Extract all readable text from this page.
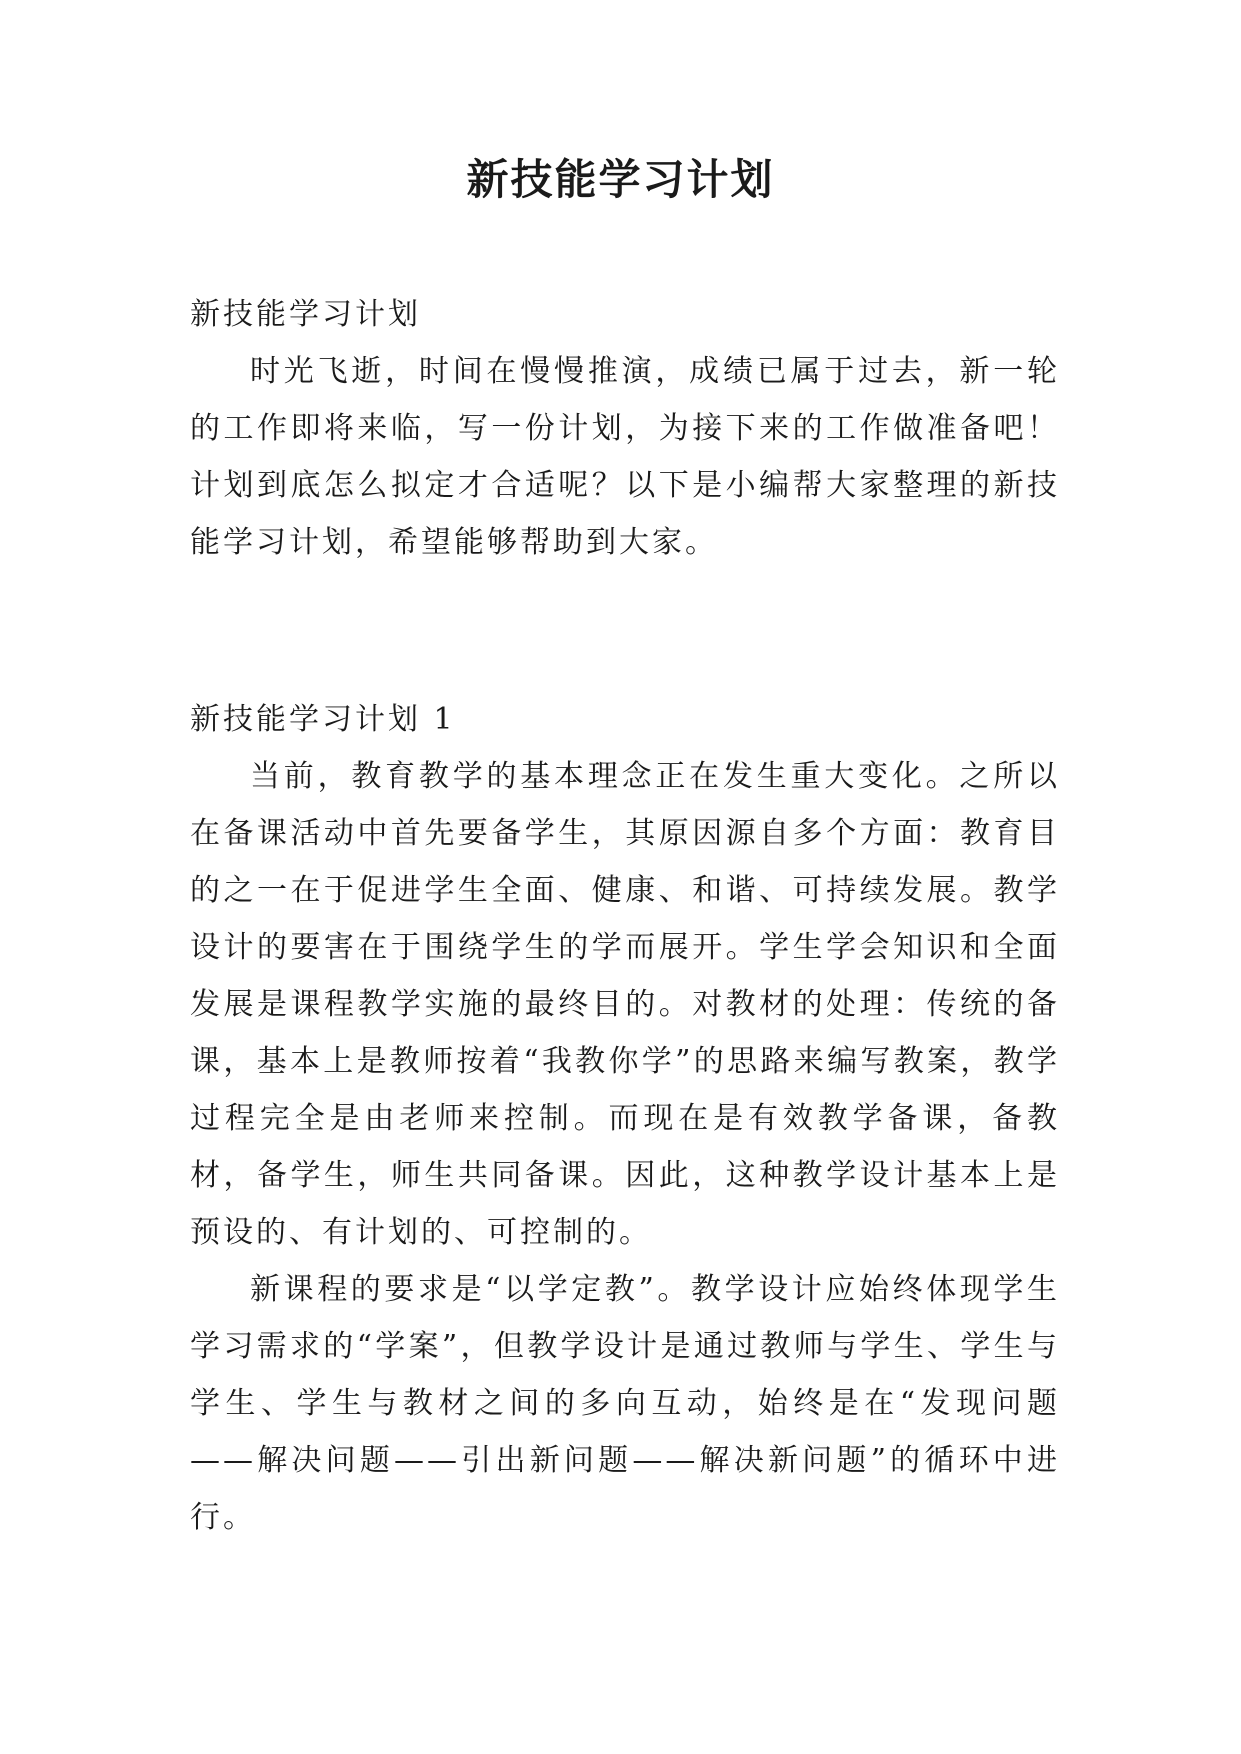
新技能学习计划

新技能学习计划

时光飞逝，时间在慢慢推演，成绩已属于过去，新一轮的工作即将来临，写一份计划，为接下来的工作做准备吧！计划到底怎么拟定才合适呢？以下是小编帮大家整理的新技能学习计划，希望能够帮助到大家。

新技能学习计划 1

当前，教育教学的基本理念正在发生重大变化。之所以在备课活动中首先要备学生，其原因源自多个方面：教育目的之一在于促进学生全面、健康、和谐、可持续发展。教学设计的要害在于围绕学生的学而展开。学生学会知识和全面发展是课程教学实施的最终目的。对教材的处理：传统的备课，基本上是教师按着“我教你学”的思路来编写教案，教学过程完全是由老师来控制。而现在是有效教学备课，备教材，备学生，师生共同备课。因此，这种教学设计基本上是预设的、有计划的、可控制的。

新课程的要求是“以学定教”。教学设计应始终体现学生学习需求的“学案”，但教学设计是通过教师与学生、学生与学生、学生与教材之间的多向互动，始终是在“发现问题——解决问题——引出新问题——解决新问题”的循环中进行。
